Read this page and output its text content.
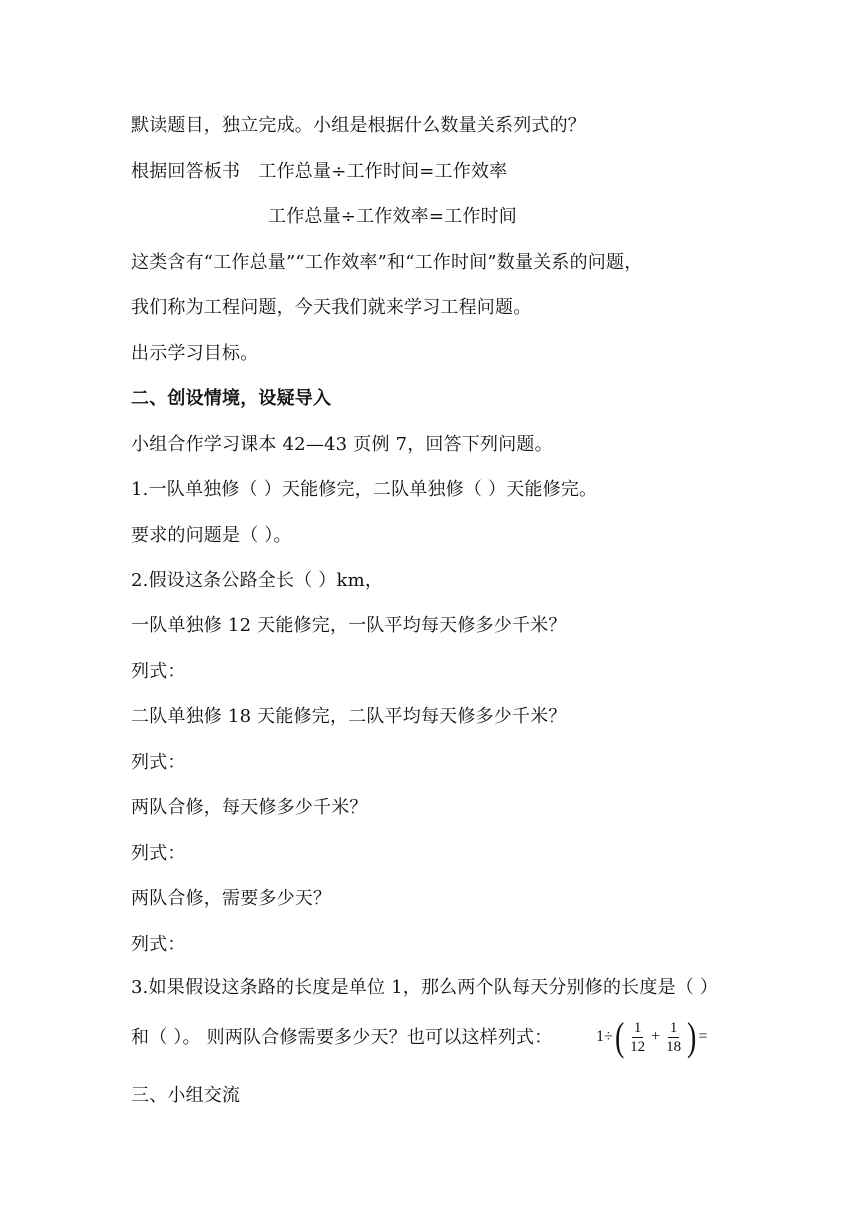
默读题目，独立完成。小组是根据什么数量关系列式的？
根据回答板书　工作总量÷工作时间=工作效率
工作总量÷工作效率=工作时间
这类含有“工作总量”“工作效率”和“工作时间”数量关系的问题，
我们称为工程问题，今天我们就来学习工程问题。
出示学习目标。
二、创设情境，设疑导入
小组合作学习课本 42—43 页例 7，回答下列问题。
1.一队单独修（ ）天能修完，二队单独修（ ）天能修完。
要求的问题是（ ）。
2.假设这条公路全长（ ）km，
一队单独修 12 天能修完，一队平均每天修多少千米？
列式：
二队单独修 18 天能修完，二队平均每天修多少千米？
列式：
两队合修，每天修多少千米？
列式：
两队合修，需要多少天？
列式：
3.如果假设这条路的长度是单位 1，那么两个队每天分别修的长度是（ ）
和（ ）。 则两队合修需要多少天？也可以这样列式：	1÷ ( $\frac{1}{12} + \frac{1}{18}$ ) =
三、小组交流
